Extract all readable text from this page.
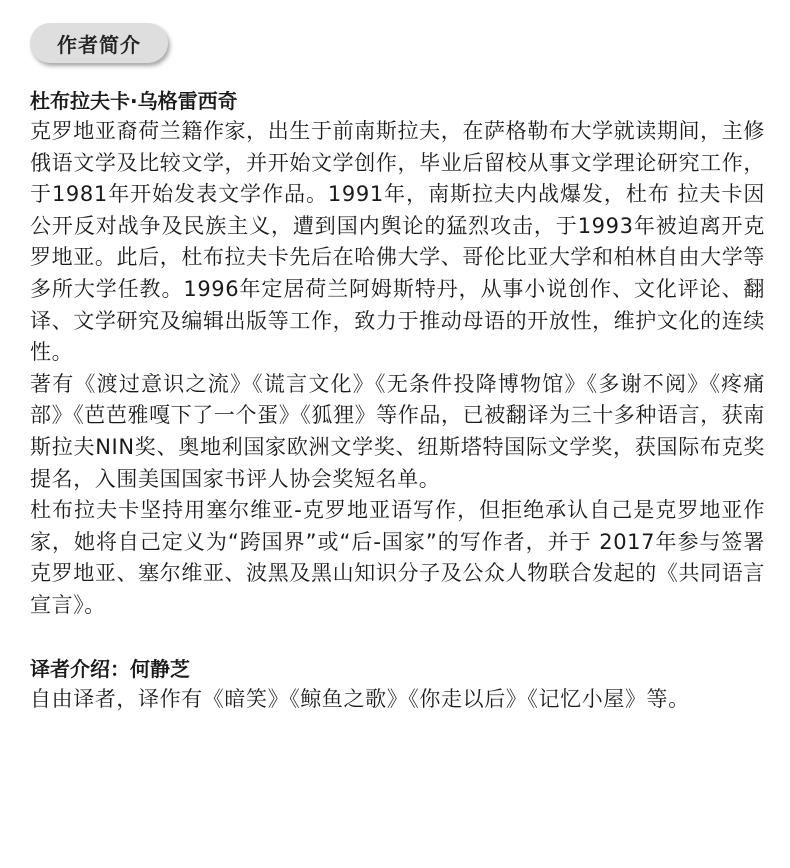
作者简介

杜布拉夫卡·乌格雷西奇

克罗地亚裔荷兰籍作家，出生于前南斯拉夫，在萨格勒布大学就读期间，主修俄语文学及比较文学，并开始文学创作，毕业后留校从事文学理论研究工作，于1981年开始发表文学作品。1991年，南斯拉夫内战爆发，杜布 拉夫卡因公开反对战争及民族主义，遭到国内舆论的猛烈攻击，于1993年被迫离开克罗地亚。此后，杜布拉夫卡先后在哈佛大学、哥伦比亚大学和柏林自由大学等多所大学任教。1996年定居荷兰阿姆斯特丹，从事小说创作、文化评论、翻译、文学研究及编辑出版等工作，致力于推动母语的开放性，维护文化的连续性。

著有《渡过意识之流》《谎言文化》《无条件投降博物馆》《多谢不阅》《疼痛部》《芭芭雅嘎下了一个蛋》《狐狸》等作品，已被翻译为三十多种语言，获南斯拉夫NIN奖、奥地利国家欧洲文学奖、纽斯塔特国际文学奖，获国际布克奖提名，入围美国国家书评人协会奖短名单。

杜布拉夫卡坚持用塞尔维亚-克罗地亚语写作，但拒绝承认自己是克罗地亚作家，她将自己定义为“跨国界”或“后-国家”的写作者，并于 2017年参与签署克罗地亚、塞尔维亚、波黑及黑山知识分子及公众人物联合发起的《共同语言宣言》。

译者介绍：何静芝

自由译者，译作有《暗笑》《鲸鱼之歌》《你走以后》《记忆小屋》等。
